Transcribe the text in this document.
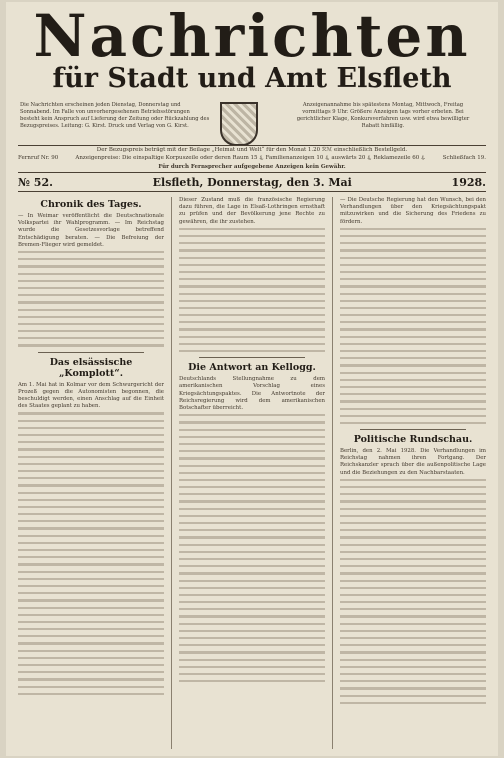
Nachrichten
für Stadt und Amt Elsfleth
Die Nachrichten erscheinen jeden Dienstag, Donnerstag und Sonnabend. Im Falle von unvorhergesehenen Betriebsstörungen besteht kein Anspruch auf Lieferung der Zeitung oder Rückzahlung des Bezugspreises. Leitung: G. Kirst. Druck und Verlag von G. Kirst.
Anzeigenannahme bis spätestens Montag, Mittwoch, Freitag vormittags 9 Uhr. Größere Anzeigen tags vorher erbeten. Bei gerichtlicher Klage, Konkursverfahren usw. wird etwa bewilligter Rabatt hinfällig.
Der Bezugspreis beträgt mit der Beilage „Heimat und Welt“ für den Monat 1.20 ℛℳ einschließlich Bestellgeld.
Fernruf Nr. 90	Anzeigenpreise: Die einspaltige Korpuszeile oder deren Raum 15 ₰, Familienanzeigen 10 ₰, auswärts 20 ₰, Reklamezeile 60 ₰.	Schließfach 19.
Für durch Fernsprecher aufgegebene Anzeigen kein Gewähr.
№ 52.	Elsfleth, Donnerstag, den 3. Mai	1928.
Chronik des Tages.
— In Weimar veröffentlicht die Deutschnationale Volkspartei ihr Wahlprogramm. — Im Reichstag wurde die Gesetzesvorlage betreffend Entschädigung beraten. — Die Befreiung der Bremen-Flieger wird gemeldet.
Das elsässische „Komplott“.
Am 1. Mai hat in Kolmar vor dem Schwurgericht der Prozeß gegen die Autonomisten begonnen, die beschuldigt werden, einen Anschlag auf die Einheit des Staates geplant zu haben.
Dieser Zustand muß die französische Regierung dazu führen, die Lage in Elsaß-Lothringen ernsthaft zu prüfen und der Bevölkerung jene Rechte zu gewähren, die ihr zustehen.
Die Antwort an Kellogg.
Deutschlands Stellungnahme zu dem amerikanischen Vorschlag eines Kriegsächtungspaktes. Die Antwortnote der Reichsregierung wird dem amerikanischen Botschafter überreicht.
— Die Deutsche Regierung hat den Wunsch, bei den Verhandlungen über den Kriegsächtungspakt mitzuwirken und die Sicherung des Friedens zu fördern.
Politische Rundschau.
Berlin, den 2. Mai 1928. Die Verhandlungen im Reichstag nahmen ihren Fortgang. Der Reichskanzler sprach über die außenpolitische Lage und die Beziehungen zu den Nachbarstaaten.
